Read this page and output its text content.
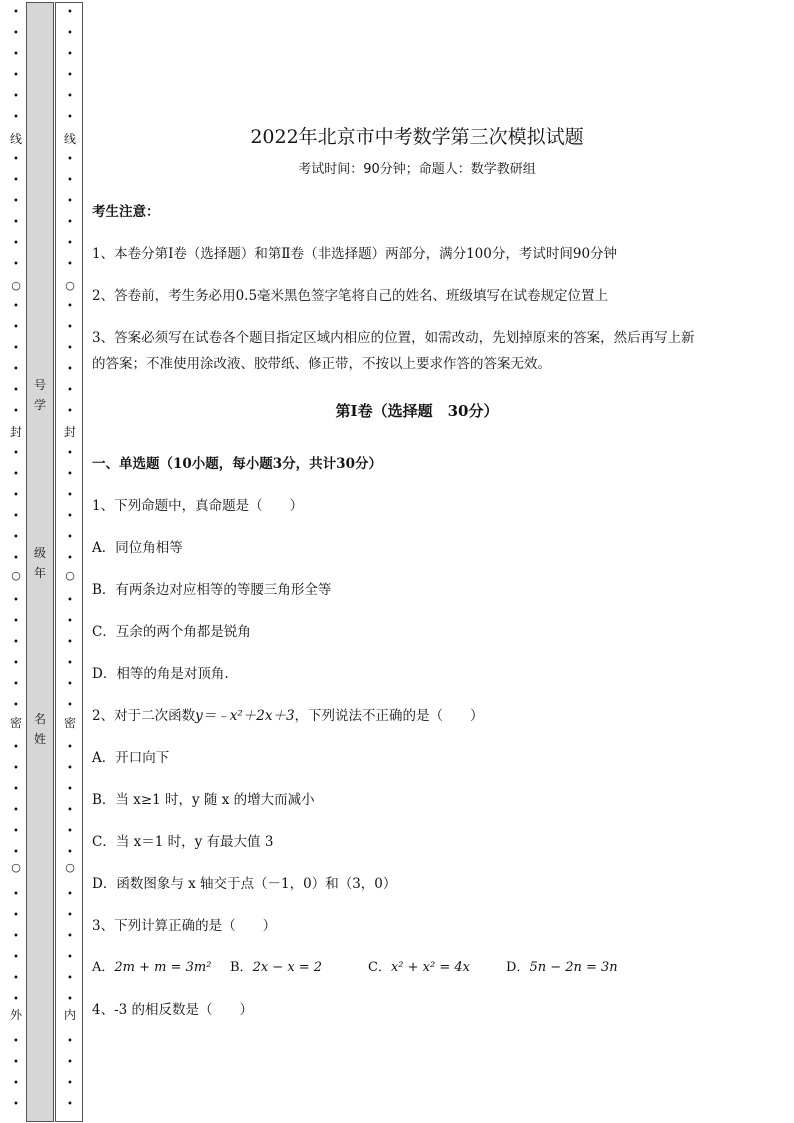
•
•
•
•
•
•
•
•
•
•
•
•
•
•
•
•
•
•
•
•
•
•
•
•
•
•
•
•
•
•
•
•
•
•
•
•
•
•
•
•
•
•
•
•
•
•
线
○
封
○
密
○
外
号
学
级
年
名
姓
•
•
•
•
•
•
•
•
•
•
•
•
•
•
•
•
•
•
•
•
•
•
•
•
•
•
•
•
•
•
•
•
•
•
•
•
•
•
•
•
•
•
•
•
•
•
线
○
封
○
密
○
内
2022年北京市中考数学第三次模拟试题
考试时间：90分钟；命题人：数学教研组
考生注意：
1、本卷分第Ⅰ卷（选择题）和第Ⅱ卷（非选择题）两部分，满分100分，考试时间90分钟
2、答卷前，考生务必用0.5毫米黑色签字笔将自己的姓名、班级填写在试卷规定位置上
3、答案必须写在试卷各个题目指定区域内相应的位置，如需改动，先划掉原来的答案，然后再写上新
的答案；不准使用涂改液、胶带纸、修正带，不按以上要求作答的答案无效。
第Ⅰ卷（选择题　30分）
一、单选题（10小题，每小题3分，共计30分）
1、下列命题中，真命题是（　　）
A．同位角相等
B．有两条边对应相等的等腰三角形全等
C．互余的两个角都是锐角
D．相等的角是对顶角.
2、对于二次函数y＝﹣x²＋2x＋3，下列说法不正确的是（　　）
A．开口向下
B．当 x≥1 时，y 随 x 的增大而减小
C．当 x＝1 时，y 有最大值 3
D．函数图象与 x 轴交于点（－1，0）和（3，0）
3、下列计算正确的是（　　）
A．2m + m = 3m² B．2x − x = 2	C．x² + x² = 4x	D．5n − 2n = 3n
4、-3 的相反数是（　　）
